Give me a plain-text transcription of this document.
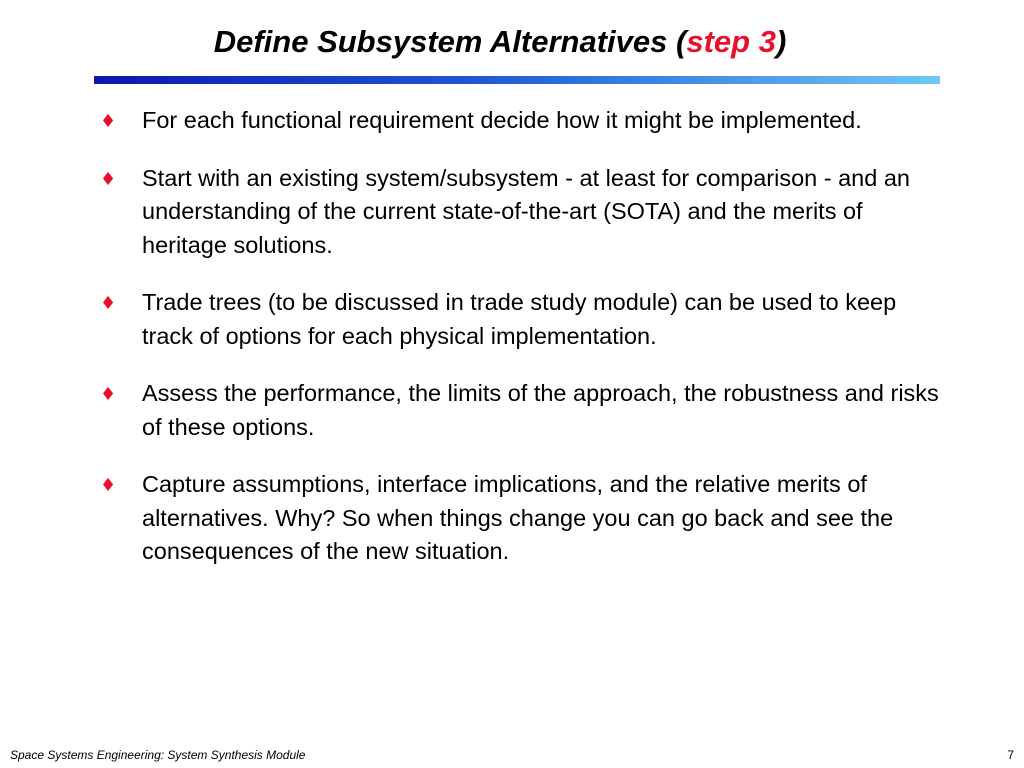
Define Subsystem Alternatives (step 3)
♦ For each functional requirement decide how it might be implemented.
♦ Start with an existing system/subsystem - at least for comparison - and an understanding of the current state-of-the-art (SOTA) and the merits of heritage solutions.
♦ Trade trees (to be discussed in trade study module) can be used to keep track of options for each physical implementation.
♦ Assess the performance, the limits of the approach, the robustness and risks of these options.
♦ Capture assumptions, interface implications, and the relative merits of alternatives. Why? So when things change you can go back and see the consequences of the new situation.
Space Systems Engineering: System Synthesis Module	7
